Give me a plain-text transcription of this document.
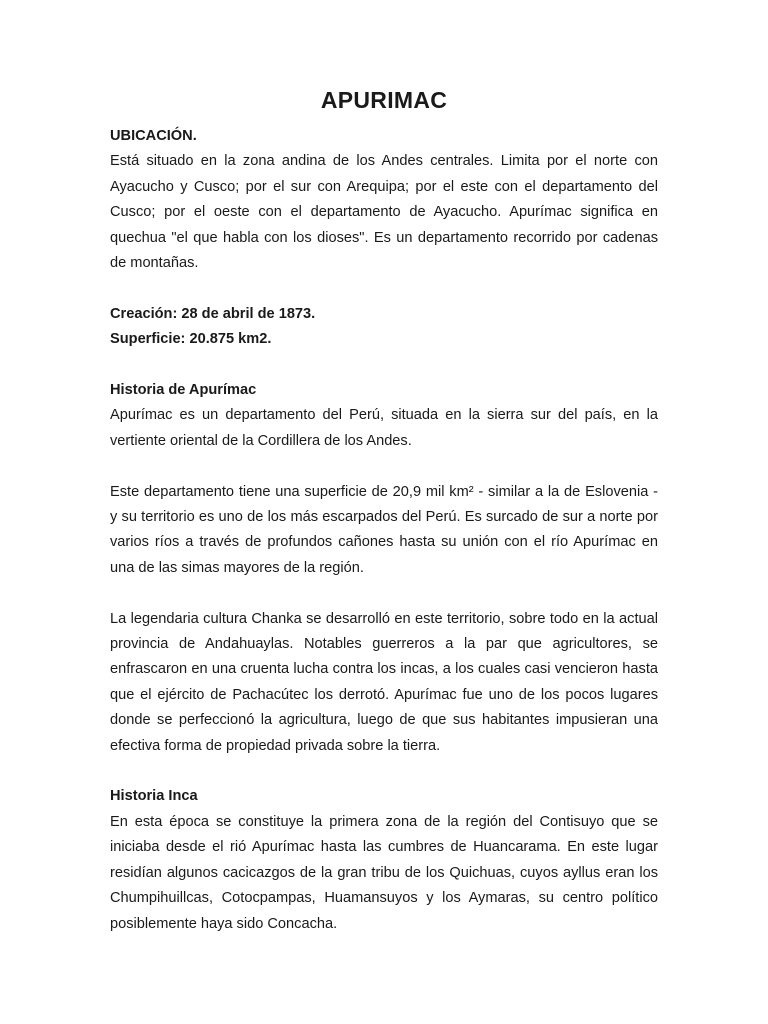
APURIMAC
UBICACIÓN.

Está situado en la zona andina de los Andes centrales. Limita por el norte con Ayacucho y Cusco; por el sur con Arequipa; por el este con el departamento del Cusco; por el oeste con el departamento de Ayacucho. Apurímac significa en quechua "el que habla con los dioses". Es un departamento recorrido por cadenas de montañas.

Creación: 28 de abril de 1873.
Superficie: 20.875 km2.
Historia de Apurímac

Apurímac es un departamento del Perú, situada en la sierra sur del país, en la vertiente oriental de la Cordillera de los Andes.

Este departamento tiene una superficie de 20,9 mil km² - similar a la de Eslovenia - y su territorio es uno de los más escarpados del Perú. Es surcado de sur a norte por varios ríos a través de profundos cañones hasta su unión con el río Apurímac en una de las simas mayores de la región.

La legendaria cultura Chanka se desarrolló en este territorio, sobre todo en la actual provincia de Andahuaylas. Notables guerreros a la par que agricultores, se enfrascaron en una cruenta lucha contra los incas, a los cuales casi vencieron hasta que el ejército de Pachacútec los derrotó. Apurímac fue uno de los pocos lugares donde se perfeccionó la agricultura, luego de que sus habitantes impusieran una efectiva forma de propiedad privada sobre la tierra.

Historia Inca

En esta época se constituye la primera zona de la región del Contisuyo que se iniciaba desde el rió Apurímac hasta las cumbres de Huancarama. En este lugar residían algunos cacicazgos de la gran tribu de los Quichuas, cuyos ayllus eran los Chumpihuillcas, Cotocpampas, Huamansuyos y los Aymaras, su centro político posiblemente haya sido Concacha.
